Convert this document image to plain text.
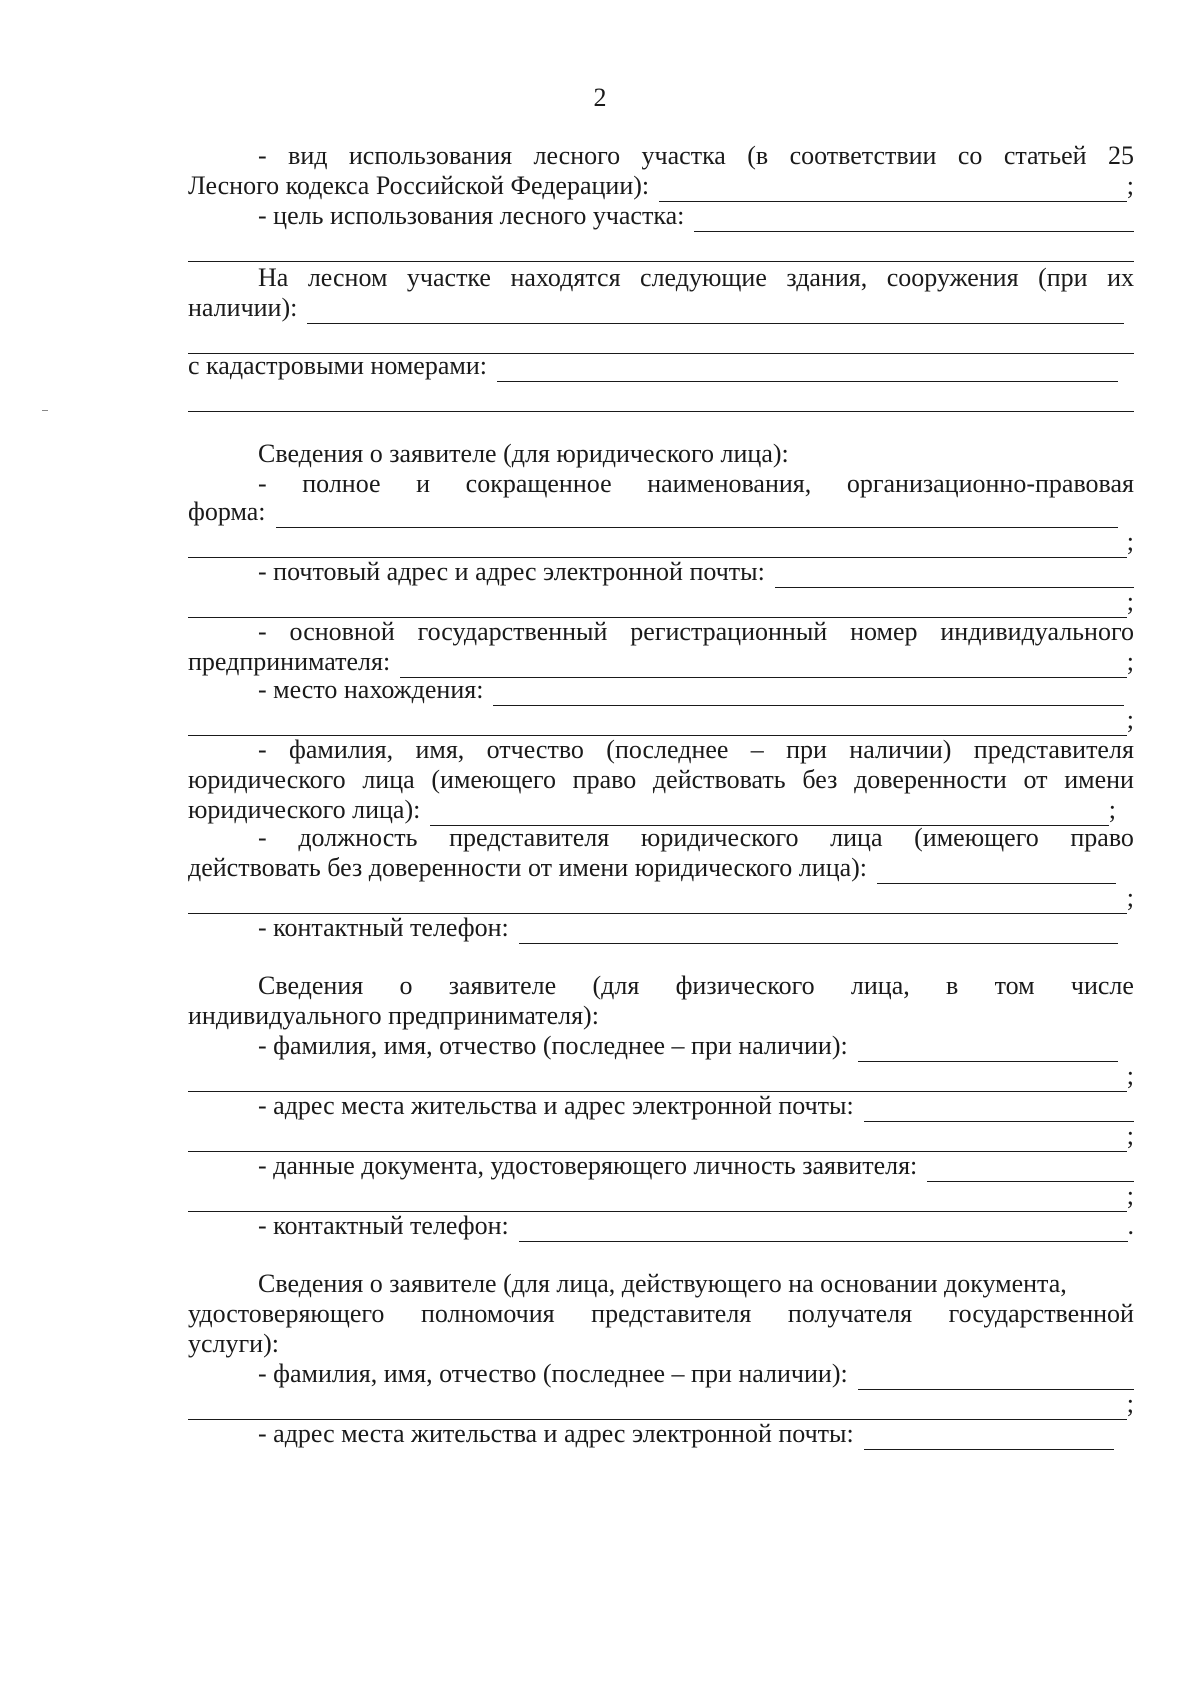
2
- вид использования лесного участка (в соответствии со статьей 25
Лесного кодекса Российской Федерации):	;
- цель использования лесного участка:
На лесном участке находятся следующие здания, сооружения (при их
наличии):
с кадастровыми номерами:
Сведения о заявителе (для юридического лица):
- полное и сокращенное наименования, организационно-правовая
форма:
;
- почтовый адрес и адрес электронной почты:
;
- основной государственный регистрационный номер индивидуального
предпринимателя:	;
- место нахождения:
;
- фамилия, имя, отчество (последнее – при наличии) представителя
юридического лица (имеющего право действовать без доверенности от имени
юридического лица):	;
- должность представителя юридического лица (имеющего право
действовать без доверенности от имени юридического лица):
;
- контактный телефон:
Сведения о заявителе (для физического лица, в том числе
индивидуального предпринимателя):
- фамилия, имя, отчество (последнее – при наличии):
;
- адрес места жительства и адрес электронной почты:
;
- данные документа, удостоверяющего личность заявителя:
;
- контактный телефон:	.
Сведения о заявителе (для лица, действующего на основании документа,
удостоверяющего полномочия представителя получателя государственной
услуги):
- фамилия, имя, отчество (последнее – при наличии):
;
- адрес места жительства и адрес электронной почты:
